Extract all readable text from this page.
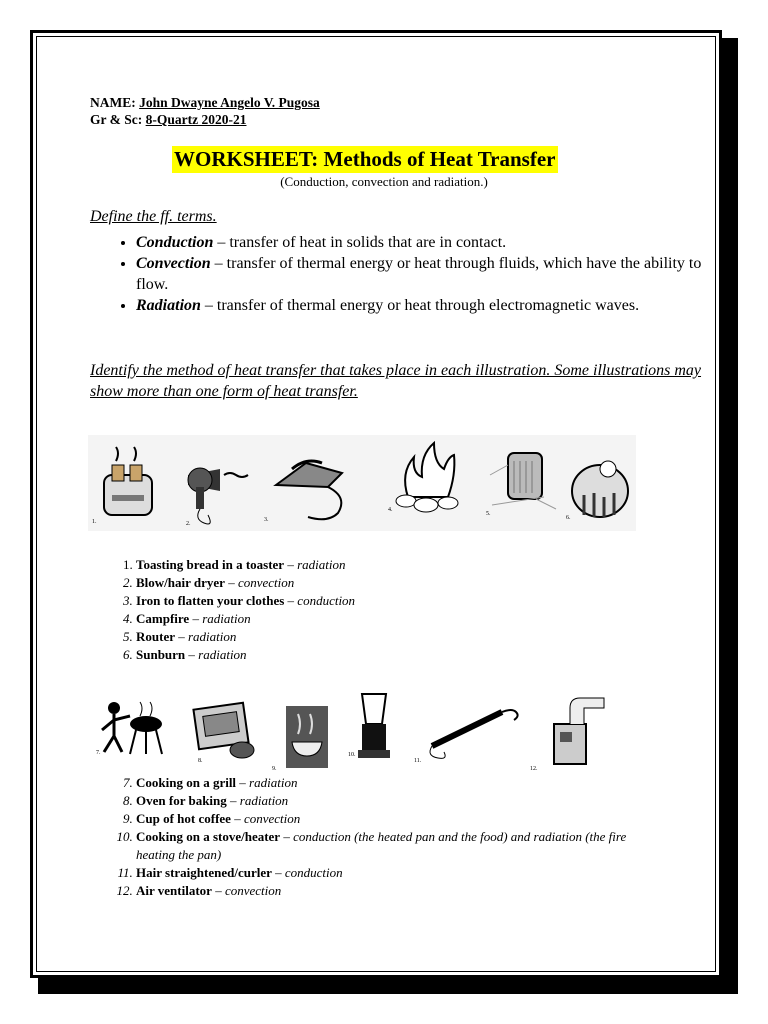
NAME: John Dwayne Angelo V. Pugosa
Gr & Sc: 8-Quartz 2020-21
WORKSHEET: Methods of Heat Transfer
(Conduction, convection and radiation.)
Define the ff. terms.
• Conduction – transfer of heat in solids that are in contact.
• Convection – transfer of thermal energy or heat through fluids, which have the ability to flow.
• Radiation – transfer of thermal energy or heat through electromagnetic waves.
Identify the method of heat transfer that takes place in each illustration. Some illustrations may show more than one form of heat transfer.
1.	2.
3.
4.
5.
6.
1. Toasting bread in a toaster – radiation
2. Blow/hair dryer – convection
3. Iron to flatten your clothes – conduction
4. Campfire – radiation
5. Router – radiation
6. Sunburn – radiation
7.
8.
9.
10.
11.
12.
7. Cooking on a grill – radiation
8. Oven for baking – radiation
9. Cup of hot coffee – convection
10. Cooking on a stove/heater – conduction (the heated pan and the food) and radiation (the fire heating the pan)
11. Hair straightened/curler – conduction
12. Air ventilator – convection
